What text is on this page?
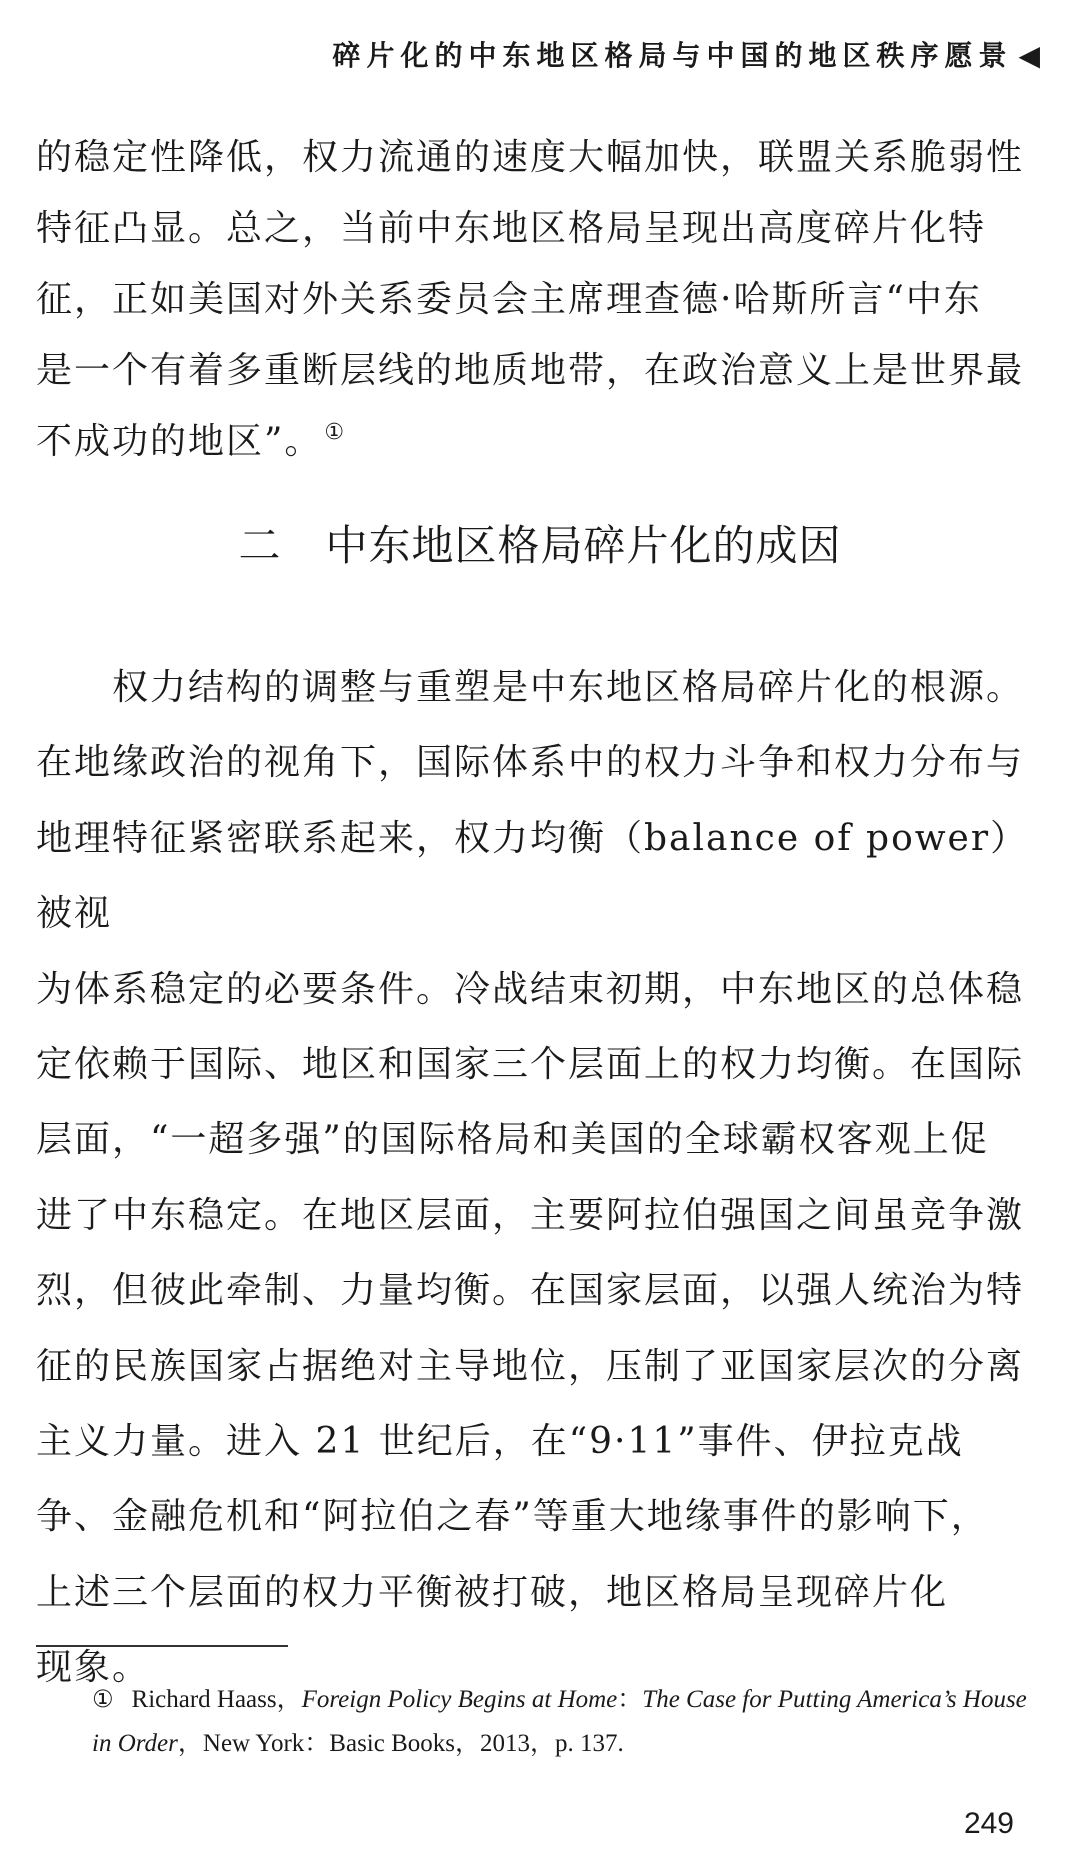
碎片化的中东地区格局与中国的地区秩序愿景 ◀

的稳定性降低，权力流通的速度大幅加快，联盟关系脆弱性
特征凸显。总之，当前中东地区格局呈现出高度碎片化特
征，正如美国对外关系委员会主席理查德·哈斯所言“中东
是一个有着多重断层线的地质地带，在政治意义上是世界最
不成功的地区”。①

二 中东地区格局碎片化的成因

　　权力结构的调整与重塑是中东地区格局碎片化的根源。
在地缘政治的视角下，国际体系中的权力斗争和权力分布与
地理特征紧密联系起来，权力均衡（balance of power）被视
为体系稳定的必要条件。冷战结束初期，中东地区的总体稳
定依赖于国际、地区和国家三个层面上的权力均衡。在国际
层面，“一超多强”的国际格局和美国的全球霸权客观上促
进了中东稳定。在地区层面，主要阿拉伯强国之间虽竞争激
烈，但彼此牵制、力量均衡。在国家层面，以强人统治为特
征的民族国家占据绝对主导地位，压制了亚国家层次的分离
主义力量。进入 21 世纪后，在“9·11”事件、伊拉克战
争、金融危机和“阿拉伯之春”等重大地缘事件的影响下，
上述三个层面的权力平衡被打破，地区格局呈现碎片化
现象。

① Richard Haass，Foreign Policy Begins at Home：The Case for Putting America’s House in Order，New York：Basic Books，2013，p. 137.
249
